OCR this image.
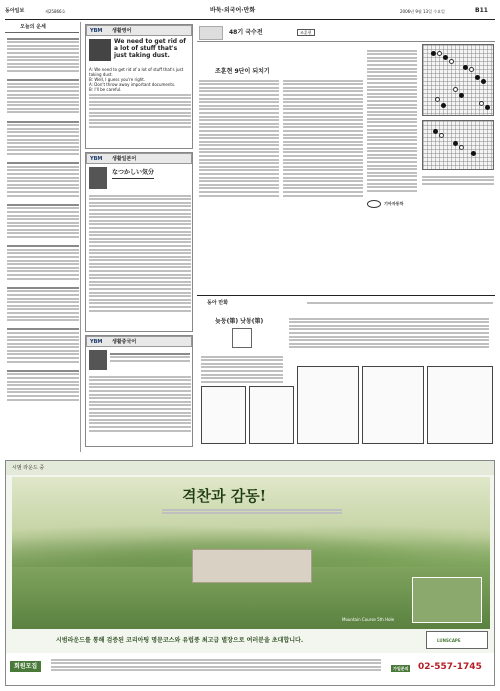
동아일보	제25866호	바둑·외국어·만화	2006년 9월 13일 수요일	B11
오늘의 운세
YBM 생활영어
We need to get rid of a lot of stuff that's just taking dust.
A: We need to get rid of a lot of stuff that's just taking dust.
B: Well, I guess you're right.
A: Don't throw away important documents.
B: I'll be careful.
YBM 생활일본어
なつかしい気分
YBM 생활중국어
48기 국수전	조훈현
조훈현 9단이 되치기
기아자동차
동아 만화
늦둥(第) 낫동(第)
시범 라운드 중
격찬과 감동!
Mountain Course 5th Hole
LUNSCAPE
시범라운드를 통해 검증된 코리아팅 명문코스와 유럽풍 최고급 별장으로 여러분을 초대합니다.
회원모집	가입문의 02-557-1745
